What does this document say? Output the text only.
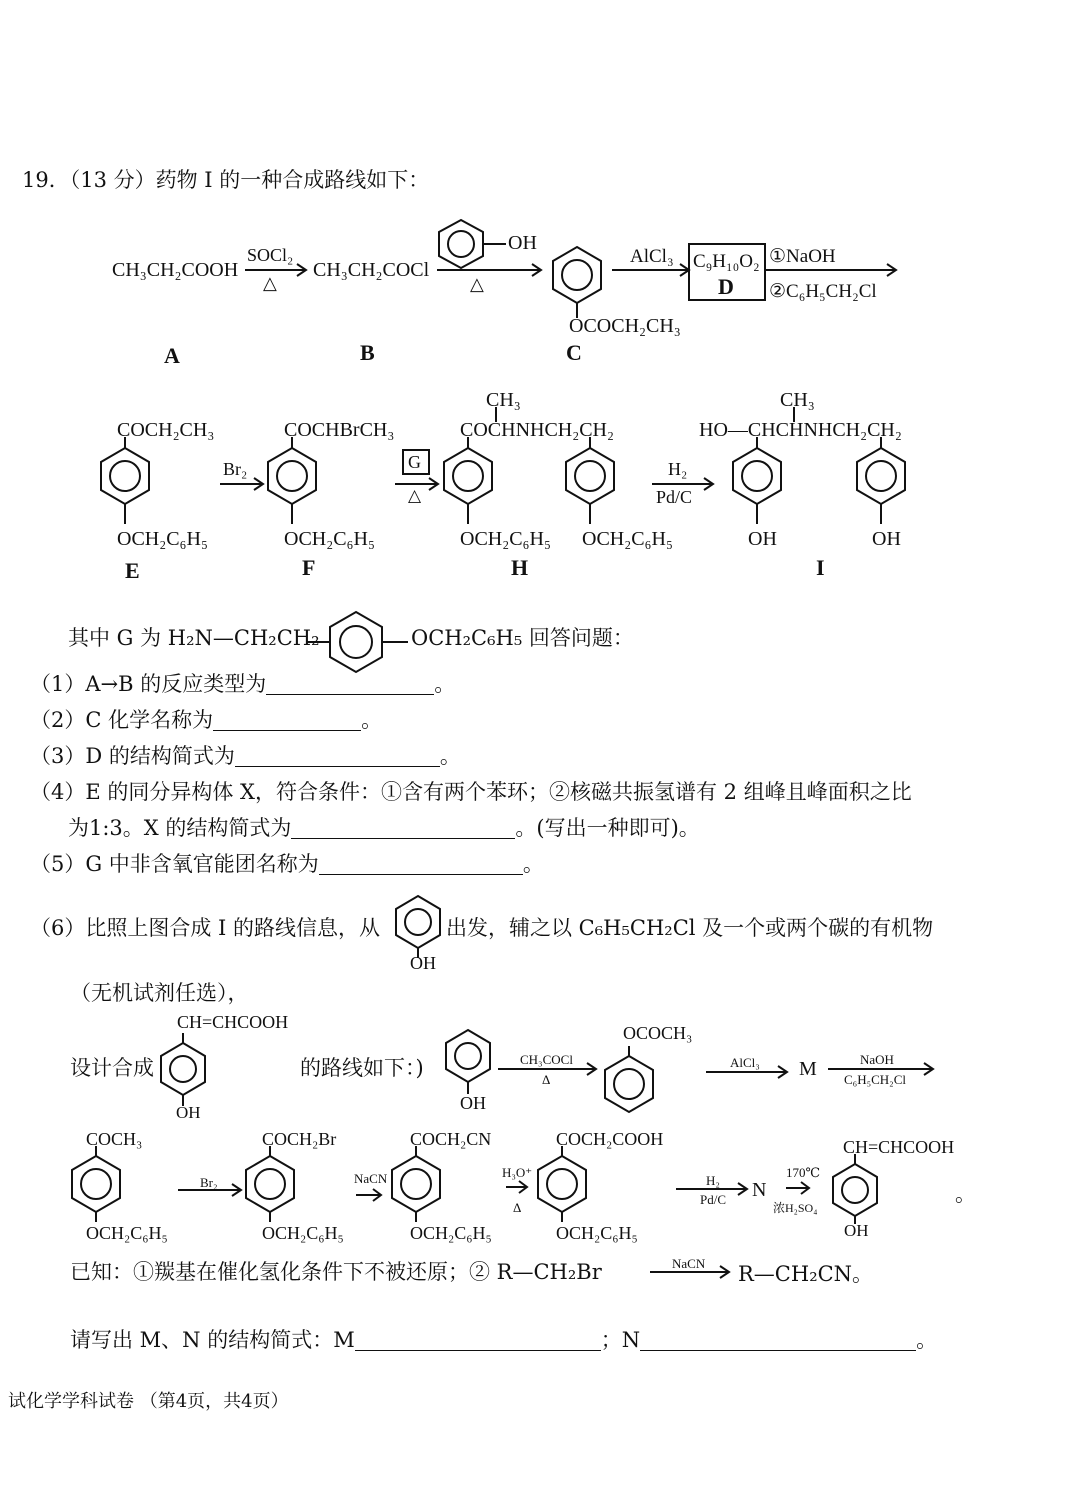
19．（13 分）药物 I 的一种合成路线如下：
CH₃CH₂COOH
SOCl₂
△
CH₃CH₂COCl
OH
△
OCOCH₂CH₃
AlCl₃ C₉H₁₀O₂
D
①NaOH
②C₆H₅CH₂Cl
A	B	C
COCH₂CH₃
OCH₂C₆H₅
Br₂
COCHBrCH₃
OCH₂C₆H₅
G
△
CH₃
COCHNHCH₂CH₂
OCH₂C₆H₅ OCH₂C₆H₅
H₂
Pd/C
CH₃
HO—CHCHNHCH₂CH₂
OH	OH
E	F	H	I
其中 G 为 H₂N—CH₂CH₂	OCH₂C₆H₅ 回答问题：
（1）A→B 的反应类型为	。
（2）C 化学名称为	。
（3）D 的结构简式为	。
（4）E 的同分异构体 X，符合条件：①含有两个苯环；②核磁共振氢谱有 2 组峰且峰面积之比
为1:3。X 的结构简式为	。(写出一种即可)。
（5）G 中非含氧官能团名称为	。
（6）比照上图合成 I 的路线信息，从	出发，辅之以 C₆H₅CH₂Cl 及一个或两个碳的有机物
OH
（无机试剂任选），
设计合成
CH=CHCOOH
OH
的路线如下：)
OH
CH₃COCl
Δ
OCOCH₃
AlCl₃ M	NaOH
C₆H₅CH₂Cl
COCH₃
OCH₂C₆H₅
Br₂
COCH₂Br
OCH₂C₆H₅
NaCN
COCH₂CN
OCH₂C₆H₅
H₃O⁺
Δ
COCH₂COOH
OCH₂C₆H₅
H₂
Pd/C N
170℃
浓H₂SO₄
CH=CHCOOH
OH
。
已知：①羰基在催化氢化条件下不被还原；② R—CH₂Br	NaCN R—CH₂CN。
请写出 M、N 的结构简式：M	；N	。
试化学学科试卷 （第4页，共4页）
